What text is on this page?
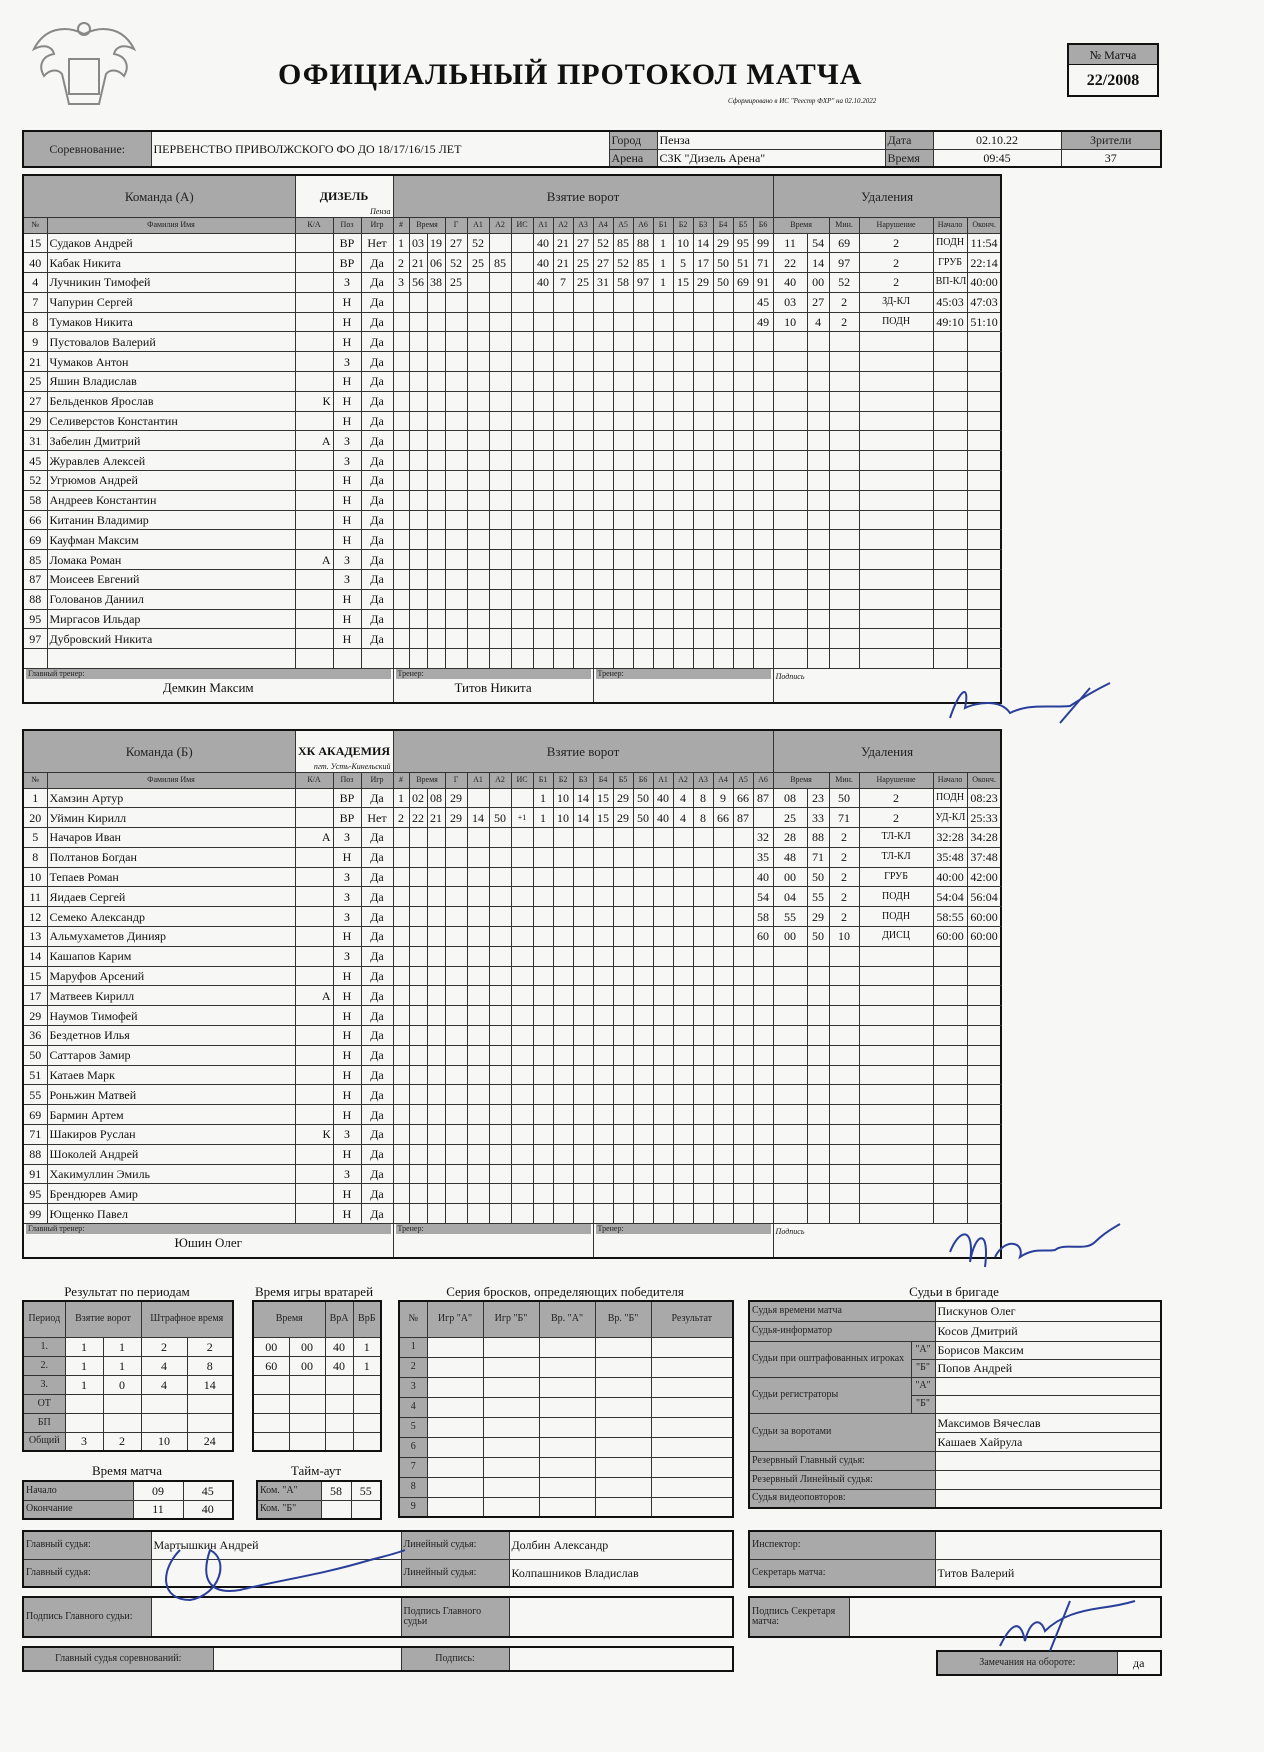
ОФИЦИАЛЬНЫЙ ПРОТОКОЛ МАТЧА
Сформировано в ИС "Реестр ФХР" на 02.10.2022
№ Матча
22/2008
Соревнование:	ПЕРВЕНСТВО ПРИВОЛЖСКОГО ФО ДО 18/17/16/15 ЛЕТ	Город	Пенза	Дата	02.10.22	Зрители
		Арена	СЗК "Дизель Арена"	Время	09:45	37
Команда (А)		ДИЗЕЛЬ
Пенза			Взятие ворот																			Удаления						
№	Фамилия Имя	К/А	Поз	Игр	#	Время		Г	А1	А2	ИС	А1	А2	А3	А4	А5	А6	Б1	Б2	Б3	Б4	Б5	Б6	Время		Мин.	Нарушение	Начало	Оконч.	
15	Судаков Андрей		ВР	Нет	1	03	19	27	52			40	21	27	52	85	88	1	10	14	29	95	99	11	54	69	2	ПОДН	11:54	
40	Кабак Никита		ВР	Да	2	21	06	52	25	85		40	21	25	27	52	85	1	5	17	50	51	71	22	14	97	2	ГРУБ	22:14	
4	Лучникин Тимофей		З	Да	3	56	38	25				40	7	25	31	58	97	1	15	29	50	69	91	40	00	52	2	ВП-КЛ	40:00	
7	Чапурин Сергей		Н	Да																			45	03	27	2	ЗД-КЛ	45:03	47:03	
8	Тумаков Никита		Н	Да																			49	10	4	2	ПОДН	49:10	51:10	
9	Пустовалов Валерий		Н	Да																										
21	Чумаков Антон		З	Да																										
25	Яшин Владислав		Н	Да																										
27	Бельденков Ярослав	К	Н	Да																										
29	Селиверстов Константин		Н	Да																										
31	Забелин Дмитрий	А	З	Да																										
45	Журавлев Алексей		З	Да																										
52	Угрюмов Андрей		Н	Да																										
58	Андреев Константин		Н	Да																										
66	Китанин Владимир		Н	Да																										
69	Кауфман Максим		Н	Да																										
85	Ломака Роман	А	З	Да																										
87	Моисеев Евгений		З	Да																										
88	Голованов Даниил		Н	Да																										
95	Миргасов Ильдар		Н	Да																										
97	Дубровский Никита		Н	Да																										

Главный тренер:
Демкин Максим					Тренер:
Титов Никита										Тренер:									Подпись						
Команда (Б)		ХК АКАДЕМИЯ
пгт. Усть-Кинельский			Взятие ворот																			Удаления						
№	Фамилия Имя	К/А	Поз	Игр	#	Время		Г	А1	А2	ИС	Б1	Б2	Б3	Б4	Б5	Б6	А1	А2	А3	А4	А5	А6	Время		Мин.	Нарушение	Начало	Оконч.	
1	Хамзин Артур		ВР	Да	1	02	08	29				1	10	14	15	29	50	40	4	8	9	66	87	08	23	50	2	ПОДН	08:23	
20	Уймин Кирилл		ВР	Нет	2	22	21	29	14	50	+1	1	10	14	15	29	50	40	4	8	66	87		25	33	71	2	УД-КЛ	25:33	
5	Начаров Иван	А	З	Да																			32	28	88	2	ТЛ-КЛ	32:28	34:28	
8	Полтанов Богдан		Н	Да																			35	48	71	2	ТЛ-КЛ	35:48	37:48	
10	Тепаев Роман		З	Да																			40	00	50	2	ГРУБ	40:00	42:00	
11	Яидаев Сергей		З	Да																			54	04	55	2	ПОДН	54:04	56:04	
12	Семеко Александр		З	Да																			58	55	29	2	ПОДН	58:55	60:00	
13	Альмухаметов Динияр		Н	Да																			60	00	50	10	ДИСЦ	60:00	60:00	
14	Кашапов Карим		З	Да																										
15	Маруфов Арсений		Н	Да																										
17	Матвеев Кирилл	А	Н	Да																										
29	Наумов Тимофей		Н	Да																										
36	Бездетнов Илья		Н	Да																										
50	Саттаров Замир		Н	Да																										
51	Катаев Марк		Н	Да																										
55	Роньжин Матвей		Н	Да																										
69	Бармин Артем		Н	Да																										
71	Шакиров Руслан	К	З	Да																										
88	Шоколей Андрей		Н	Да																										
91	Хакимуллин Эмиль		З	Да																										
95	Брендюрев Амир		Н	Да																										
99	Ющенко Павел		Н	Да																										

Главный тренер:
Юшин Олег					Тренер:										Тренер:									Подпись						
Результат по периодам
Период	Взятие ворот		Штрафное время	
1.	1	1	2	2
2.	1	1	4	8
3.	1	0	4	14
ОТ				
БП				
Общий	3	2	10	24
Время игры вратарей
Время		ВрА	ВрБ
00	00	40	1
60	00	40	1

Время матча
Начало	09	45
Окончание	11	40
Тайм-аут
Ком. "А"	58	55
Ком. "Б"		
Серия бросков, определяющих победителя
№	Игр "А"	Игр "Б"	Вр. "А"	Вр. "Б"	Результат
1					
2					
3					
4					
5					
6					
7					
8					
9					
Судьи в бригаде
Судья времени матча		Пискунов Олег
Судья-информатор		Косов Дмитрий
Судьи при оштрафованных игроках	"А"	Борисов Максим
	"Б"	Попов Андрей
Судьи регистраторы	"А"	
	"Б"	
Судьи за воротами		Максимов Вячеслав
		Кашаев Хайрула
Резервный Главный судья:		
Резервный Линейный судья:		
Судья видеоповторов:		
Главный судья:	Мартышкин Андрей	Линейный судья:	Долбин Александр
Главный судья:		Линейный судья:	Колпашников Владислав
Подпись Главного судьи:		Подпись Главного судьи	
Главный судья соревнований:		Подпись:	
Инспектор:	
Секретарь матча:	Титов Валерий
Подпись Секретаря матча:	
Замечания на обороте:	да
